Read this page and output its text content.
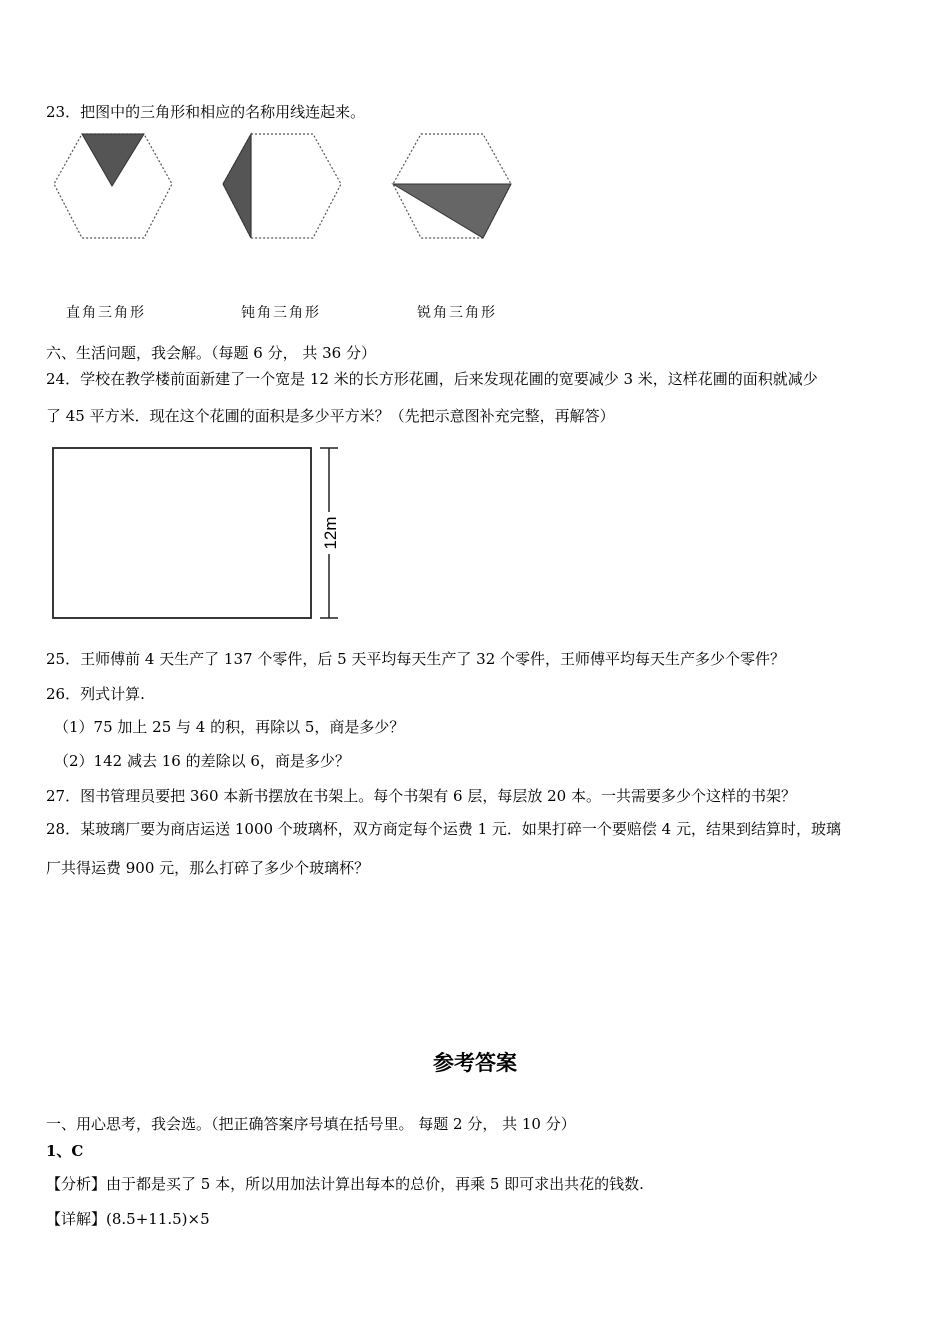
23．把图中的三角形和相应的名称用线连起来。
直角三角形	钝角三角形	锐角三角形
六、生活问题，我会解。（每题 6 分， 共 36 分）
24．学校在教学楼前面新建了一个宽是 12 米的长方形花圃，后来发现花圃的宽要减少 3 米，这样花圃的面积就减少
了 45 平方米．现在这个花圃的面积是多少平方米？（先把示意图补充完整，再解答）
12m
25．王师傅前 4 天生产了 137 个零件，后 5 天平均每天生产了 32 个零件，王师傅平均每天生产多少个零件？
26．列式计算.
（1）75 加上 25 与 4 的积，再除以 5，商是多少？
（2）142 减去 16 的差除以 6，商是多少？
27．图书管理员要把 360 本新书摆放在书架上。每个书架有 6 层，每层放 20 本。一共需要多少个这样的书架？
28．某玻璃厂要为商店运送 1000 个玻璃杯，双方商定每个运费 1 元．如果打碎一个要赔偿 4 元，结果到结算时，玻璃
厂共得运费 900 元，那么打碎了多少个玻璃杯？
参考答案
一、用心思考，我会选。（把正确答案序号填在括号里。 每题 2 分， 共 10 分）
1、C
【分析】由于都是买了 5 本，所以用加法计算出每本的总价，再乘 5 即可求出共花的钱数.
【详解】(8.5+11.5)×5
